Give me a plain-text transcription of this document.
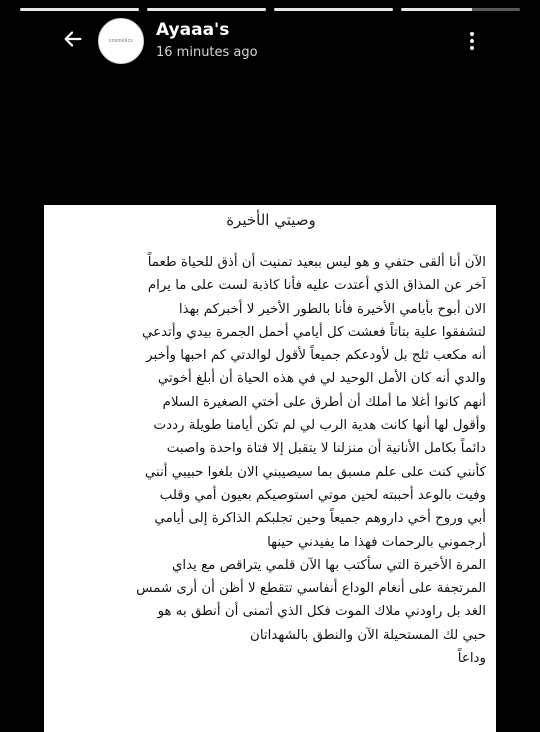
cosmetics
Ayaaa's
16 minutes ago
وصيتي الأخيرة
الآن أنا ألقى حتفي و هو ليس ببعيد تمنيت أن أذق للحياة طعماً
آخر عن المذاق الذي أعتدت عليه فأنا كاذبة لست على ما يرام
الان أبوح بأيامي الأخيرة فأنا بالطور الأخير لا أخبركم بهذا
لتشفقوا علية بتاتاً فعشت كل أيامي أحمل الجمرة بيدي وأتدعي
أنه مكعب ثلج بل لأودعكم جميعاً لأقول لوالدتي كم احبها وأخبر
والدي أنه كان الأمل الوحيد لي في هذه الحياة أن أبلغ أخوتي
أنهم كانوا أغلا ما أملك أن أطرق على أختي الصغيرة السلام
وأقول لها أنها كانت هدية الرب لي لم تكن أيامنا طويلة رددت
دائماً بكامل الأنانية أن منزلنا لا يتقبل إلا فتاة واحدة واصبت
كأنني كنت على علم مسبق بما سيصيبني الان بلغوا حبيبي أنني
وفيت بالوعد أحببته لحين موتي استوصيكم بعيون أمي وقلب
أبي وروح أخي داروهم جميعاً وحين تجلبكم الذاكرة إلى أيامي
أرجموني بالرحمات فهذا ما يفيدني حينها
المرة الأخيرة التي سأكتب بها الآن قلمي يتراقص مع يداي
المرتجفة على أنغام الوداع أنفاسي تتقطع لا أظن أن أرى شمس
الغد بل راودني ملاك الموت فكل الذي أتمنى أن أنطق به هو
حبي لك المستحيلة الآن والنطق بالشهداتان
وداعاً
